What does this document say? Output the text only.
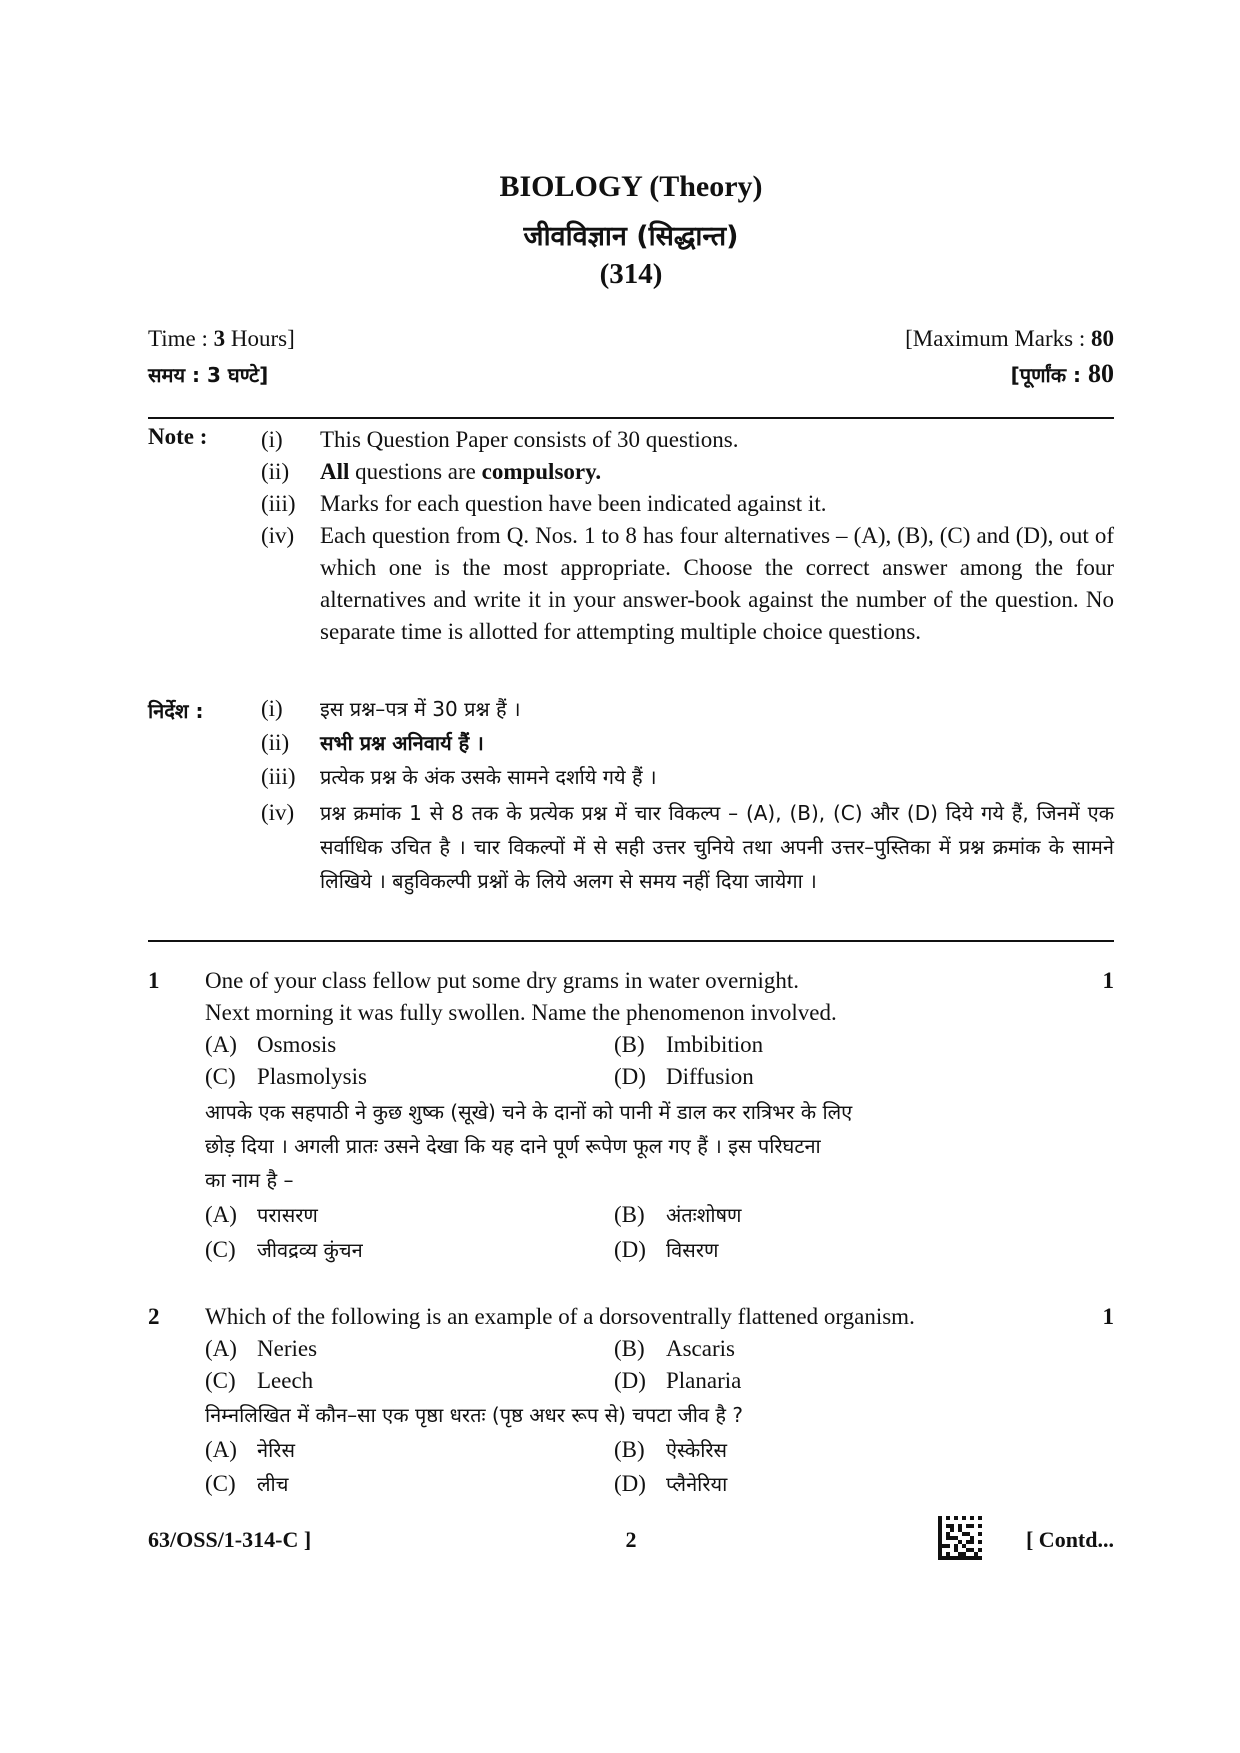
BIOLOGY (Theory)
जीवविज्ञान (सिद्धान्त)
(314)
Time : 3 Hours]
समय : 3 घण्टे]
[Maximum Marks : 80
[पूर्णांक : 80
Note : (i) This Question Paper consists of 30 questions.
(ii) All questions are compulsory.
(iii) Marks for each question have been indicated against it.
(iv) Each question from Q. Nos. 1 to 8 has four alternatives – (A), (B), (C) and (D), out of which one is the most appropriate. Choose the correct answer among the four alternatives and write it in your answer-book against the number of the question. No separate time is allotted for attempting multiple choice questions.
निर्देश :	(i) इस प्रश्न–पत्र में 30 प्रश्न हैं ।
(ii) सभी प्रश्न अनिवार्य हैं ।
(iii) प्रत्येक प्रश्न के अंक उसके सामने दर्शाये गये हैं ।
(iv) प्रश्न क्रमांक 1 से 8 तक के प्रत्येक प्रश्न में चार विकल्प – (A), (B), (C) और (D) दिये गये हैं, जिनमें एक सर्वाधिक उचित है । चार विकल्पों में से सही उत्तर चुनिये तथा अपनी उत्तर–पुस्तिका में प्रश्न क्रमांक के सामने लिखिये । बहुविकल्पी प्रश्नों के लिये अलग से समय नहीं दिया जायेगा ।
1	1
One of your class fellow put some dry grams in water overnight.
Next morning it was fully swollen. Name the phenomenon involved.
(A) Osmosis	(B) Imbibition
(C) Plasmolysis	(D) Diffusion
आपके एक सहपाठी ने कुछ शुष्क (सूखे) चने के दानों को पानी में डाल कर रात्रिभर के लिए
छोड़ दिया । अगली प्रातः उसने देखा कि यह दाने पूर्ण रूपेण फूल गए हैं । इस परिघटना
का नाम है –
(A) परासरण	(B) अंतःशोषण
(C) जीवद्रव्य कुंचन	(D) विसरण
2	1
Which of the following is an example of a dorsoventrally flattened organism.
(A) Neries	(B) Ascaris
(C) Leech	(D) Planaria
निम्नलिखित में कौन–सा एक पृष्ठा धरतः (पृष्ठ अधर रूप से) चपटा जीव है ?
(A) नेरिस	(B) ऐस्केरिस
(C) लीच	(D) प्लैनेरिया
63/OSS/1-314-C ]	2	[ Contd...
